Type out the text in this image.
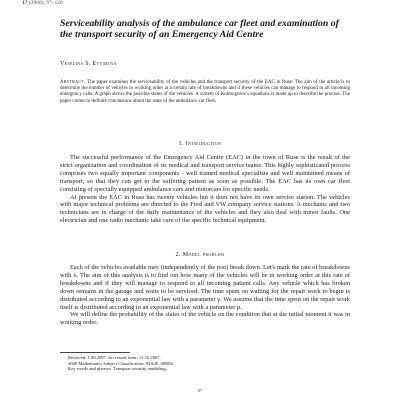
17 (2008), 97–120
Serviceability analysis of the ambulance car fleet and examination of the transport security of an Emergency Aid Centre
Veselina S. Evtimova

Abstract. The paper examines the serviceability of the vehicles and the transport security of the EAC in Ruse. The aim of the article is to determine the number of vehicles in working order at a certain rate of breakdowns and if these vehicles can manage to respond to all incoming emergency calls. A graph shows the possible states of the vehicles. A system of Kolmogorov's equations is made up to describe the process. The paper comes to definite conclusions about the state of the ambulance car fleet.

1. Introduction

The successful performance of the Emergency Aid Centre (EAC) in the town of Ruse is the result of the strict organization and coordination of its medical and transport service teams. This highly sophisticated process comprises two equally important components - well trained medical specialists and well maintained means of transport, so that they can get to the suffering patient as soon as possible. The EAC has its own car fleet consisting of specially equipped ambulance cars and motorcars for specific needs.

At present the EAC in Ruse has twenty vehicles but it does not have its own service station. The vehicles with major technical problems are directed to the Ford and VW company service stations. A mechanic and two technicians are in charge of the daily maintenance of the vehicles and they also deal with minor faults. One electrician and one radio mechanic take care of the specific technical equipment.

2. Model problem

Each of the vehicles available may (independently of the rest) break down. Let's mark the rate of breakdowns with λ. The aim of this analysis is to find out how many of the vehicles will be in working order at this rate of breakdowns and if they will manage to respond to all incoming patient calls. Any vehicle which has broken down remains in the garage and waits to be serviced. The time spent on waiting for the repair work to begin is distributed according to an exponential law with a parameter γ. We assume that the time spent on the repair work itself is distributed according to an exponential law with a parameter μ.

We will define the probability of the states of the vehicle on the condition that at the initial moment it was in working order.

Received: 1.08.2007. In revised form: 12.10.2007.

2000 Mathematics Subject Classification. 93A30, 90B06.

Key words and phrases. Transport security, modeling.

97
